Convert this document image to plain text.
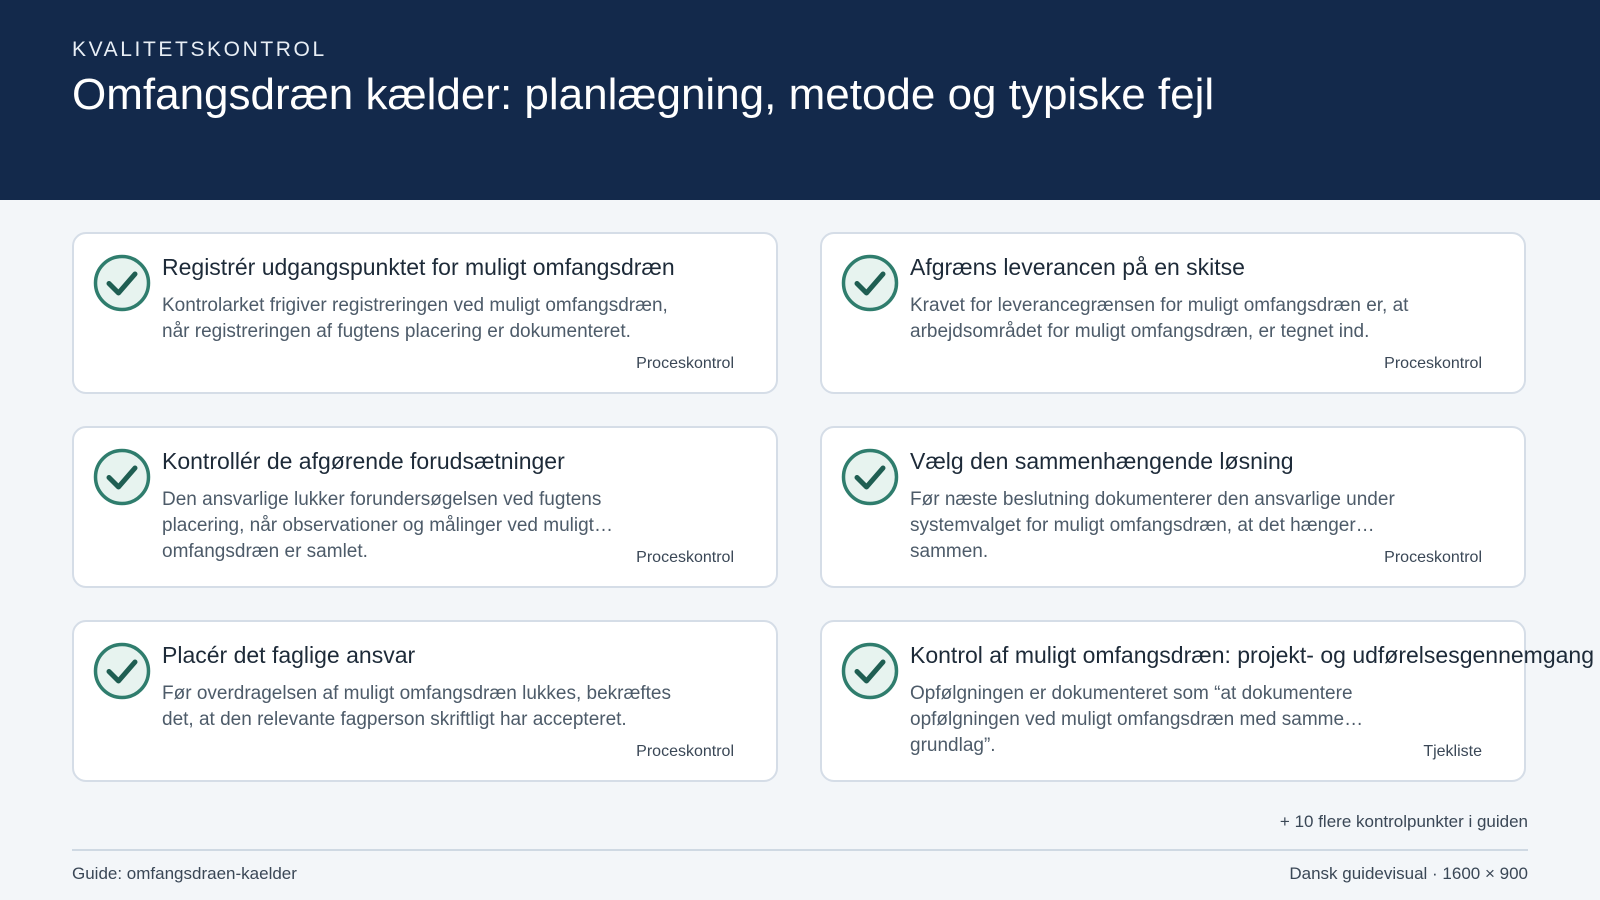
KVALITETSKONTROL
Omfangsdræn kælder: planlægning, metode og typiske fejl
Registrér udgangspunktet for muligt omfangsdræn
Kontrolarket frigiver registreringen ved muligt omfangsdræn, når registreringen af fugtens placering er dokumenteret.
Proceskontrol
Afgræns leverancen på en skitse
Kravet for leverancegrænsen for muligt omfangsdræn er, at arbejdsområdet for muligt omfangsdræn, er tegnet ind.
Proceskontrol
Kontrollér de afgørende forudsætninger
Den ansvarlige lukker forundersøgelsen ved fugtens placering, når observationer og målinger ved muligt omfangsdræn er samlet.	Proceskontrol
Vælg den sammenhængende løsning
Før næste beslutning dokumenterer den ansvarlige under systemvalget for muligt omfangsdræn, at det hænger sammen.	Proceskontrol
Placér det faglige ansvar
Før overdragelsen af muligt omfangsdræn lukkes, bekræftes det, at den relevante fagperson skriftligt har accepteret.
Proceskontrol
Kontrol af muligt omfangsdræn: projekt- og udførelsesgennemgang
Opfølgningen er dokumenteret som “at dokumentere opfølgningen ved muligt omfangsdræn med samme grundlag”.	Tjekliste
+ 10 flere kontrolpunkter i guiden
Guide: omfangsdraen-kaelder	Dansk guidevisual · 1600 × 900
